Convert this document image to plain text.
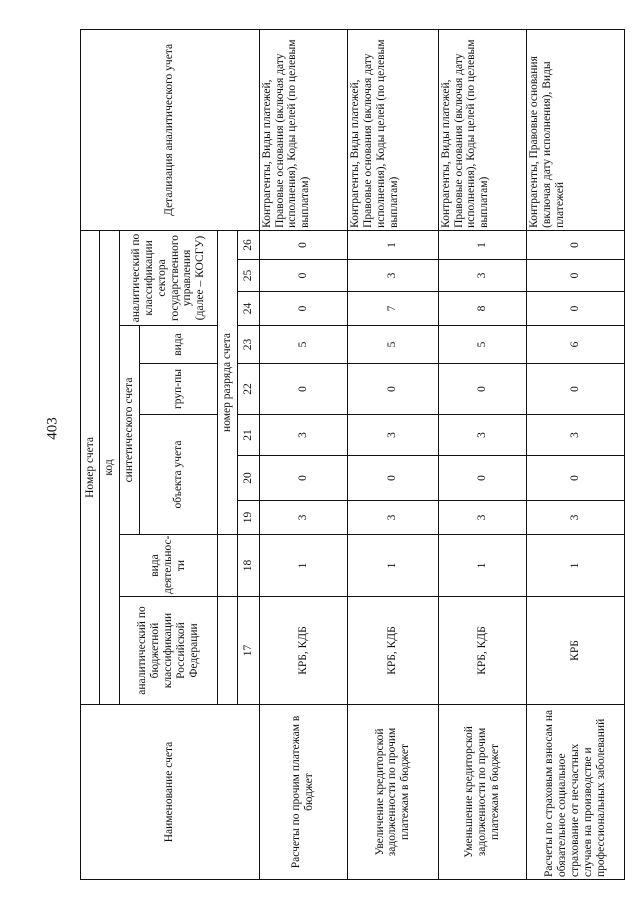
403
Наименование счета	Номер счета										Детализация аналитического учета
	код										
	аналитический по бюджетной классификации Российской Федерации	вида деятельнос-ти	синтетического счета					аналитический по классификации сектора государственного управления (далее – КОСГУ)			
			объекта учета			груп-пы	вида				
			номер разряда счета								
	17	18	19	20	21	22	23	24	25	26	
Расчеты по прочим платежам в бюджет	КРБ, КДБ	1	3	0	3	0	5	0	0	0	Контрагенты, Виды платежей, Правовые основания (включая дату исполнения), Коды целей (по целевым выплатам)
Увеличение кредиторской задолженности по прочим платежам в бюджет	КРБ, КДБ	1	3	0	3	0	5	7	3	1	Контрагенты, Виды платежей, Правовые основания (включая дату исполнения), Коды целей (по целевым выплатам)
Уменьшение кредиторской задолженности по прочим платежам в бюджет	КРБ, КДБ	1	3	0	3	0	5	8	3	1	Контрагенты, Виды платежей, Правовые основания (включая дату исполнения), Коды целей (по целевым выплатам)
Расчеты по страховым взносам на обязательное социальное страхование от несчастных случаев на производстве и профессиональных заболеваний	КРБ	1	3	0	3	0	6	0	0	0	Контрагенты, Правовые основания (включая дату исполнения), Виды платежей
